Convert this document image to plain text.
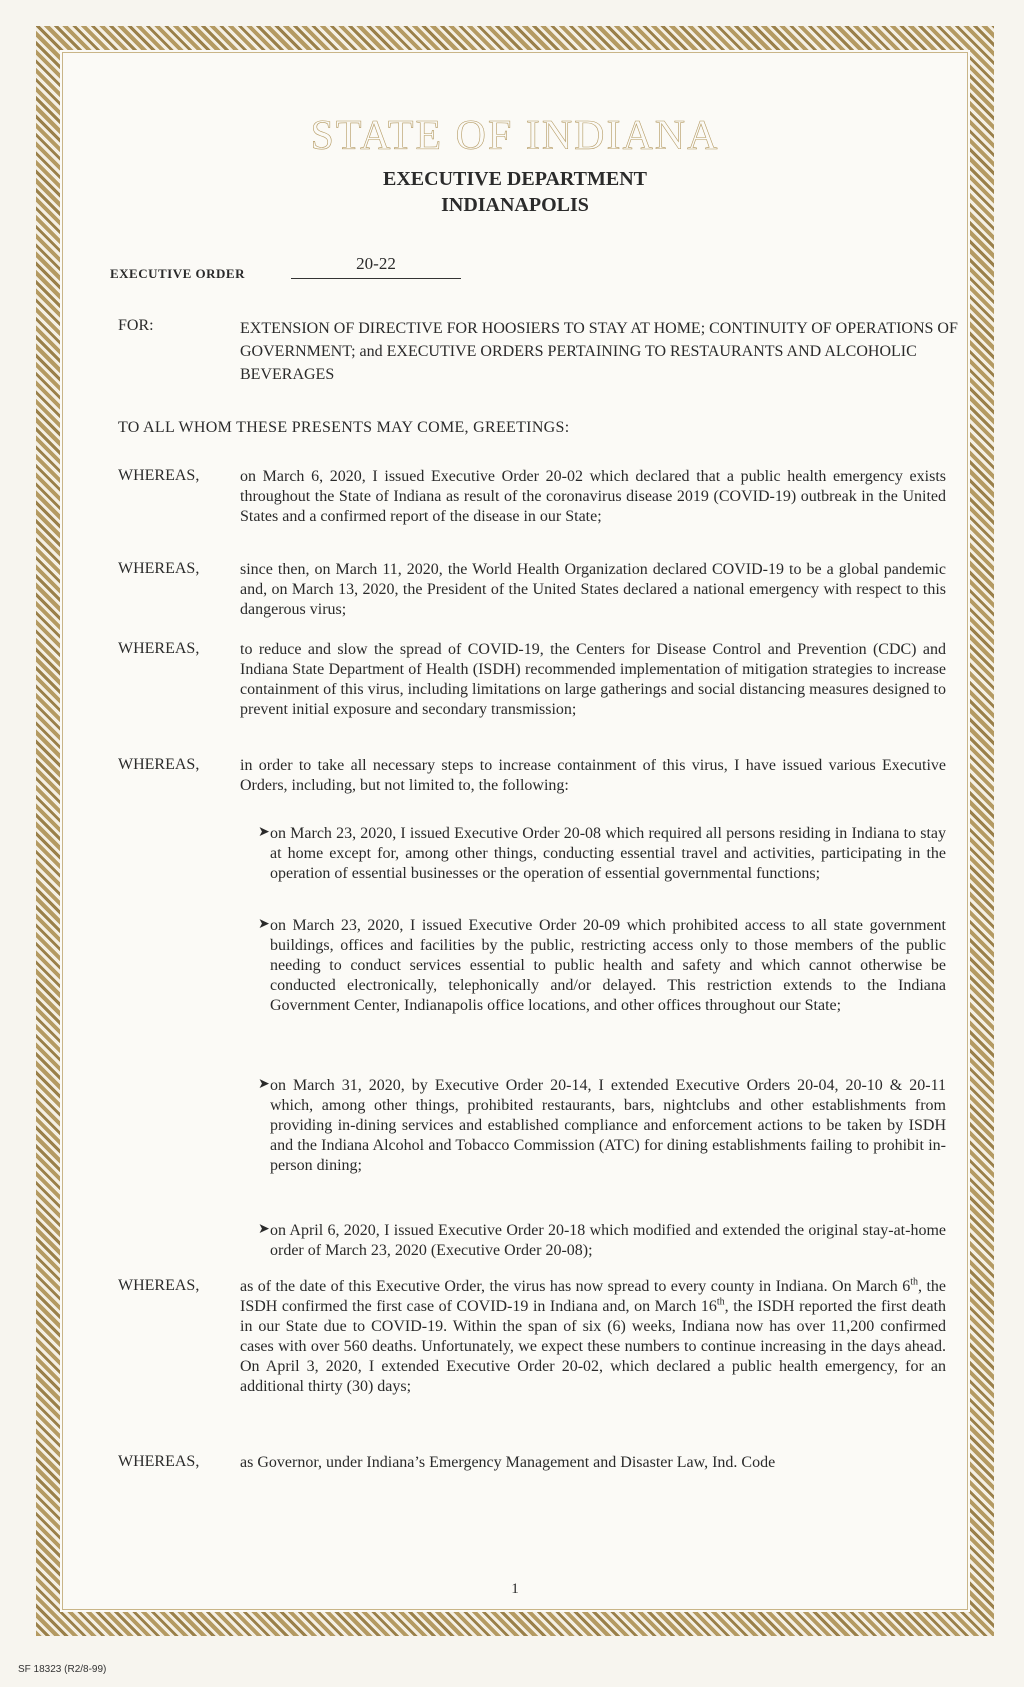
STATE OF INDIANA
EXECUTIVE DEPARTMENT
INDIANAPOLIS
EXECUTIVE ORDER
20-22
FOR:	EXTENSION OF DIRECTIVE FOR HOOSIERS TO STAY AT HOME; CONTINUITY OF OPERATIONS OF GOVERNMENT; and EXECUTIVE ORDERS PERTAINING TO RESTAURANTS AND ALCOHOLIC BEVERAGES
TO ALL WHOM THESE PRESENTS MAY COME, GREETINGS:
WHEREAS,	on March 6, 2020, I issued Executive Order 20-02 which declared that a public health emergency exists throughout the State of Indiana as result of the coronavirus disease 2019 (COVID-19) outbreak in the United States and a confirmed report of the disease in our State;
WHEREAS,	since then, on March 11, 2020, the World Health Organization declared COVID-19 to be a global pandemic and, on March 13, 2020, the President of the United States declared a national emergency with respect to this dangerous virus;
WHEREAS,	to reduce and slow the spread of COVID-19, the Centers for Disease Control and Prevention (CDC) and Indiana State Department of Health (ISDH) recommended implementation of mitigation strategies to increase containment of this virus, including limitations on large gatherings and social distancing measures designed to prevent initial exposure and secondary transmission;
WHEREAS,	in order to take all necessary steps to increase containment of this virus, I have issued various Executive Orders, including, but not limited to, the following:
➤ on March 23, 2020, I issued Executive Order 20-08 which required all persons residing in Indiana to stay at home except for, among other things, conducting essential travel and activities, participating in the operation of essential businesses or the operation of essential governmental functions;
➤ on March 23, 2020, I issued Executive Order 20-09 which prohibited access to all state government buildings, offices and facilities by the public, restricting access only to those members of the public needing to conduct services essential to public health and safety and which cannot otherwise be conducted electronically, telephonically and/or delayed. This restriction extends to the Indiana Government Center, Indianapolis office locations, and other offices throughout our State;
➤ on March 31, 2020, by Executive Order 20-14, I extended Executive Orders 20-04, 20-10 & 20-11 which, among other things, prohibited restaurants, bars, nightclubs and other establishments from providing in-dining services and established compliance and enforcement actions to be taken by ISDH and the Indiana Alcohol and Tobacco Commission (ATC) for dining establishments failing to prohibit in-person dining;
➤ on April 6, 2020, I issued Executive Order 20-18 which modified and extended the original stay-at-home order of March 23, 2020 (Executive Order 20-08);
WHEREAS,	as of the date of this Executive Order, the virus has now spread to every county in Indiana. On March 6th, the ISDH confirmed the first case of COVID-19 in Indiana and, on March 16th, the ISDH reported the first death in our State due to COVID-19. Within the span of six (6) weeks, Indiana now has over 11,200 confirmed cases with over 560 deaths. Unfortunately, we expect these numbers to continue increasing in the days ahead. On April 3, 2020, I extended Executive Order 20-02, which declared a public health emergency, for an additional thirty (30) days;
WHEREAS,	as Governor, under Indiana’s Emergency Management and Disaster Law, Ind. Code
1
SF 18323 (R2/8-99)
